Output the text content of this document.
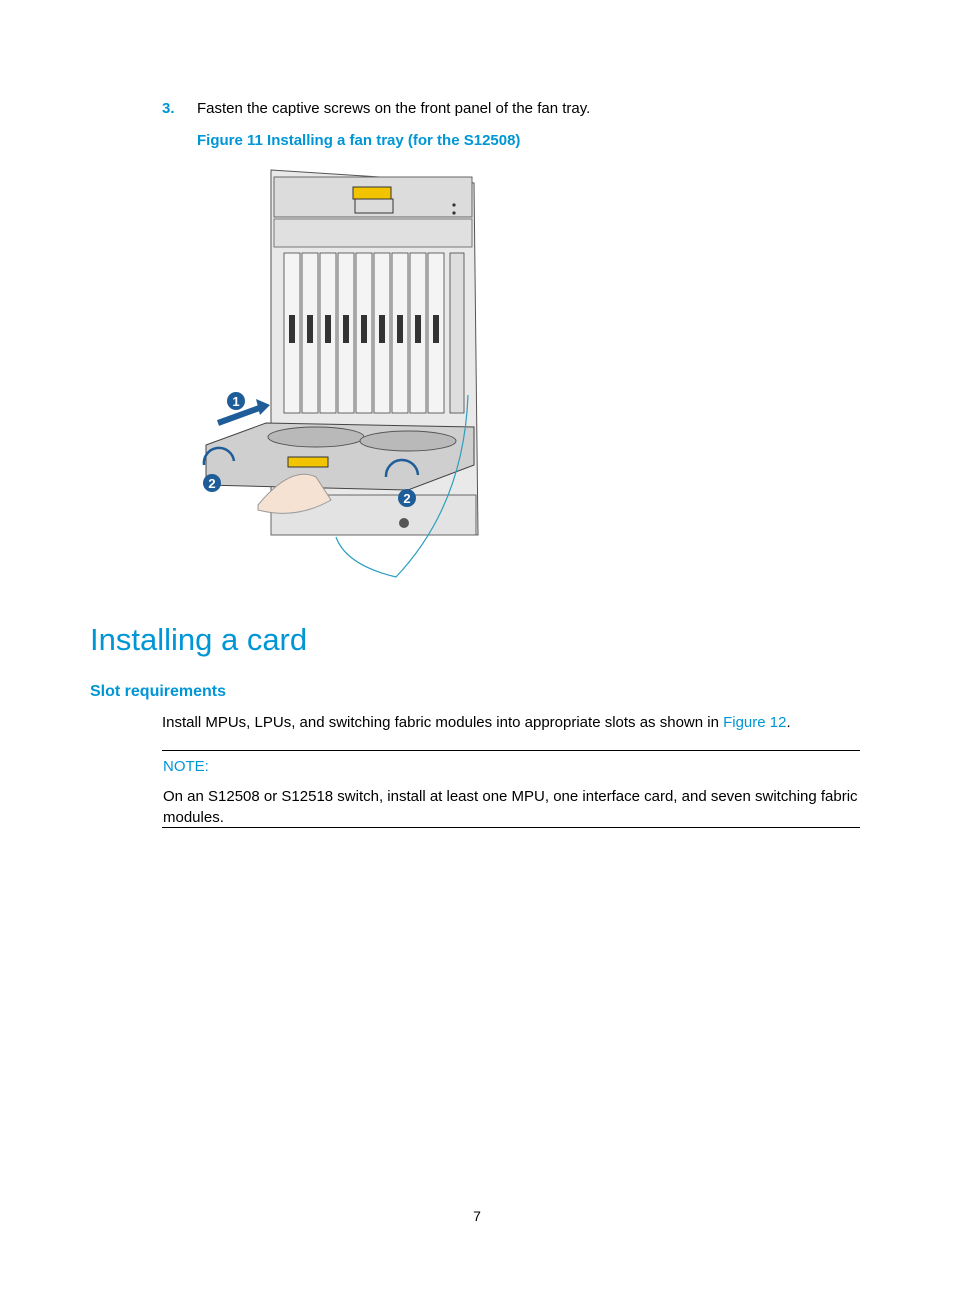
3. Fasten the captive screws on the front panel of the fan tray.
Figure 11 Installing a fan tray (for the S12508)
1
2
2
Installing a card
Slot requirements
Install MPUs, LPUs, and switching fabric modules into appropriate slots as shown in Figure 12.
NOTE:
On an S12508 or S12518 switch, install at least one MPU, one interface card, and seven switching fabric modules.
7
